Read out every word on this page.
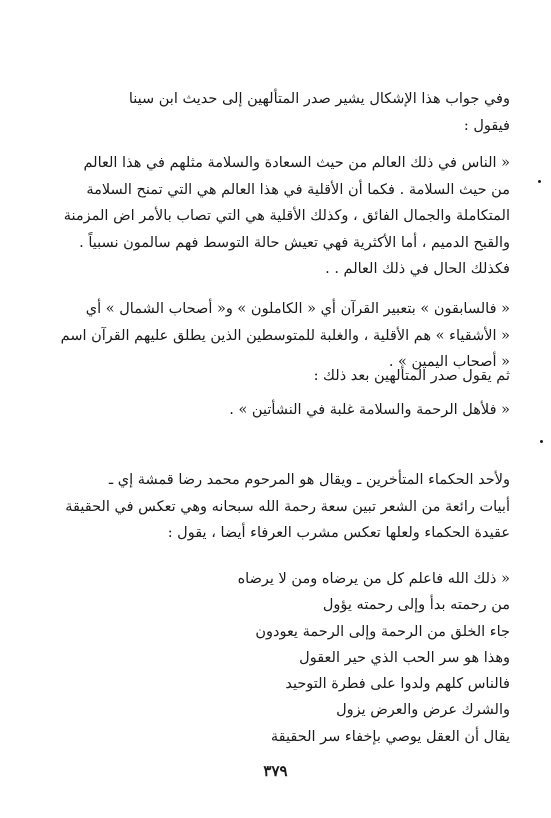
وفي جواب هذا الإشكال يشير صدر المتألهين إلى حديث ابن سينا
فيقول :
« الناس في ذلك العالم من حيث السعادة والسلامة مثلهم في هذا العالم
من حيث السلامة . فكما أن الأقلية في هذا العالم هي التي تمنح السلامة
المتكاملة والجمال الفائق ، وكذلك الأقلية هي التي تصاب بالأمر اض المزمنة
والقبح الدميم ، أما الأكثرية فهي تعيش حالة التوسط فهم سالمون نسبياً .
فكذلك الحال في ذلك العالم . .
« فالسابقون » بتعبير القرآن أي « الكاملون » و« أصحاب الشمال » أي
« الأشقياء » هم الأقلية ، والغلبة للمتوسطين الذين يطلق عليهم القرآن اسم
« أصحاب اليمين » .
ثم يقول صدر المتألهين بعد ذلك :
« فلأهل الرحمة والسلامة غلبة في النشأتين » .
ولأحد الحكماء المتأخرين ـ ويقال هو المرحوم محمد رضا قمشة إي ـ
أبيات رائعة من الشعر تبين سعة رحمة الله سبحانه وهي تعكس في الحقيقة
عقيدة الحكماء ولعلها تعكس مشرب العرفاء أيضا ، يقول :
« ذلك الله فاعلم كل من يرضاه ومن لا يرضاه
من رحمته بدأ وإلى رحمته يؤول
جاء الخلق من الرحمة وإلى الرحمة يعودون
وهذا هو سر الحب الذي حير العقول
فالناس كلهم ولدوا على فطرة التوحيد
والشرك عرض والعرض يزول
يقال أن العقل يوصي بإخفاء سر الحقيقة
٣٧٩
